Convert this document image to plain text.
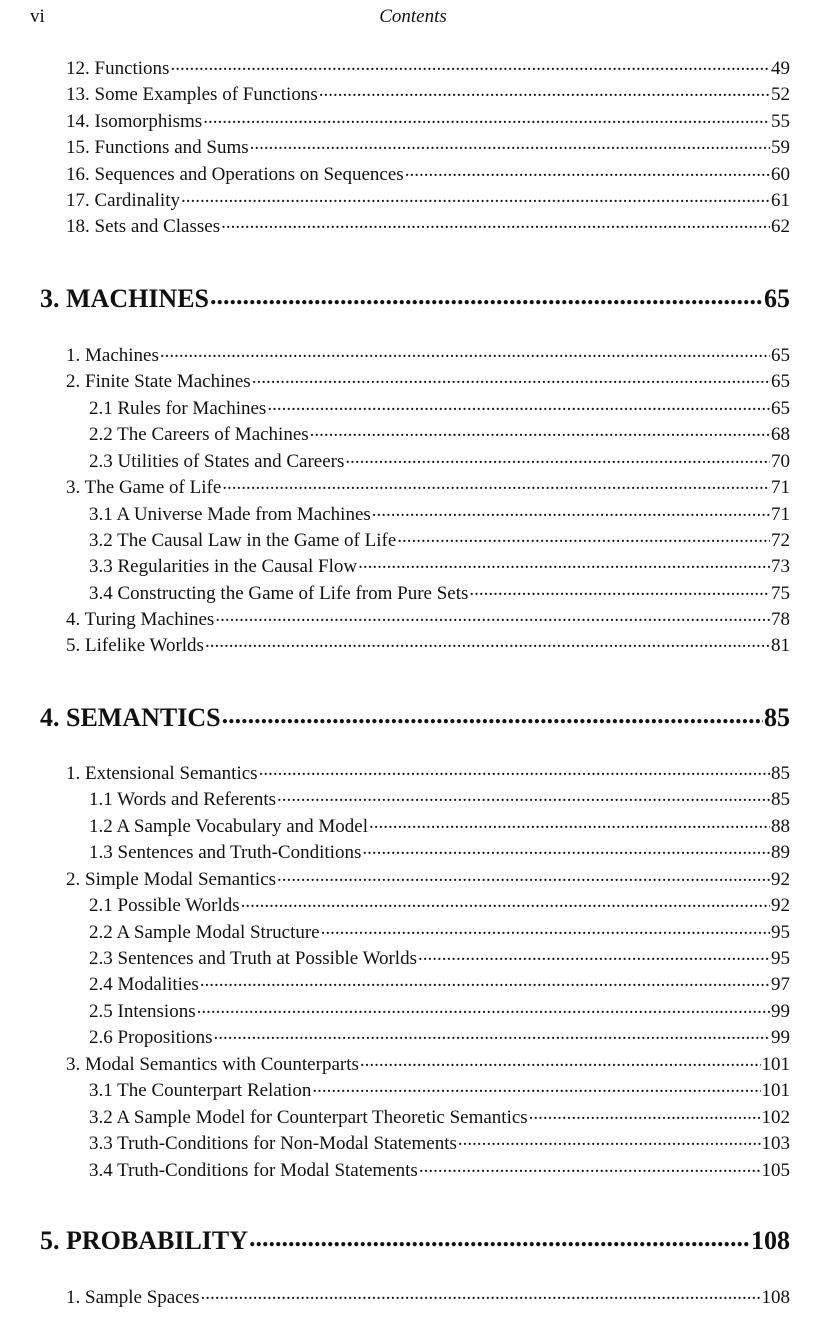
vi	Contents
12. Functions .....	49
13. Some Examples of Functions .....	52
14. Isomorphisms .....	55
15. Functions and Sums .....	59
16. Sequences and Operations on Sequences .....	60
17. Cardinality .....	61
18. Sets and Classes .....	62
3. MACHINES .....	65
1. Machines .....	65
2. Finite State Machines .....	65
2.1 Rules for Machines .....	65
2.2 The Careers of Machines .....	68
2.3 Utilities of States and Careers .....	70
3. The Game of Life .....	71
3.1 A Universe Made from Machines .....	71
3.2 The Causal Law in the Game of Life .....	72
3.3 Regularities in the Causal Flow .....	73
3.4 Constructing the Game of Life from Pure Sets .....	75
4. Turing Machines .....	78
5. Lifelike Worlds .....	81
4. SEMANTICS .....	85
1. Extensional Semantics .....	85
1.1 Words and Referents .....	85
1.2 A Sample Vocabulary and Model .....	88
1.3 Sentences and Truth-Conditions .....	89
2. Simple Modal Semantics .....	92
2.1 Possible Worlds .....	92
2.2 A Sample Modal Structure .....	95
2.3 Sentences and Truth at Possible Worlds .....	95
2.4 Modalities .....	97
2.5 Intensions .....	99
2.6 Propositions .....	99
3. Modal Semantics with Counterparts .....	101
3.1 The Counterpart Relation .....	101
3.2 A Sample Model for Counterpart Theoretic Semantics .....	102
3.3 Truth-Conditions for Non-Modal Statements .....	103
3.4 Truth-Conditions for Modal Statements .....	105
5. PROBABILITY .....	108
1. Sample Spaces .....	108
